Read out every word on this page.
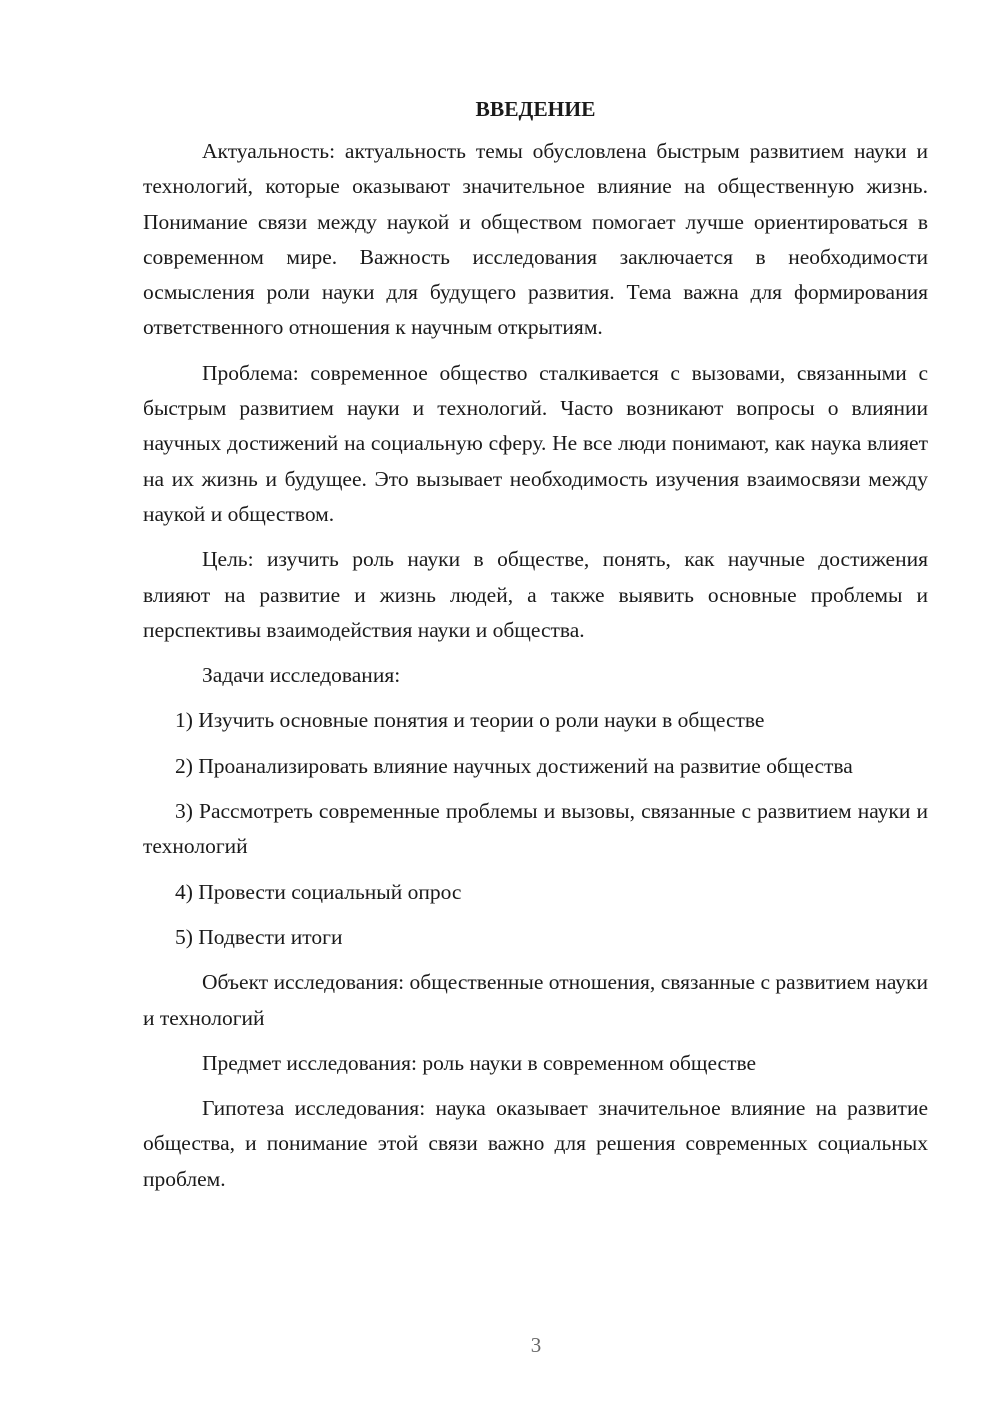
ВВЕДЕНИЕ

Актуальность: актуальность темы обусловлена быстрым развитием науки и технологий, которые оказывают значительное влияние на общественную жизнь. Понимание связи между наукой и обществом помогает лучше ориентироваться в современном мире. Важность исследования заключается в необходимости осмысления роли науки для будущего развития. Тема важна для формирования ответственного отношения к научным открытиям.

Проблема: современное общество сталкивается с вызовами, связанными с быстрым развитием науки и технологий. Часто возникают вопросы о влиянии научных достижений на социальную сферу. Не все люди понимают, как наука влияет на их жизнь и будущее. Это вызывает необходимость изучения взаимосвязи между наукой и обществом.

Цель: изучить роль науки в обществе, понять, как научные достижения влияют на развитие и жизнь людей, а также выявить основные проблемы и перспективы взаимодействия науки и общества.

Задачи исследования:

1) Изучить основные понятия и теории о роли науки в обществе

2) Проанализировать влияние научных достижений на развитие общества

3) Рассмотреть современные проблемы и вызовы, связанные с развитием науки и технологий

4) Провести социальный опрос

5) Подвести итоги

Объект исследования: общественные отношения, связанные с развитием науки и технологий

Предмет исследования: роль науки в современном обществе

Гипотеза исследования: наука оказывает значительное влияние на развитие общества, и понимание этой связи важно для решения современных социальных проблем.

3
